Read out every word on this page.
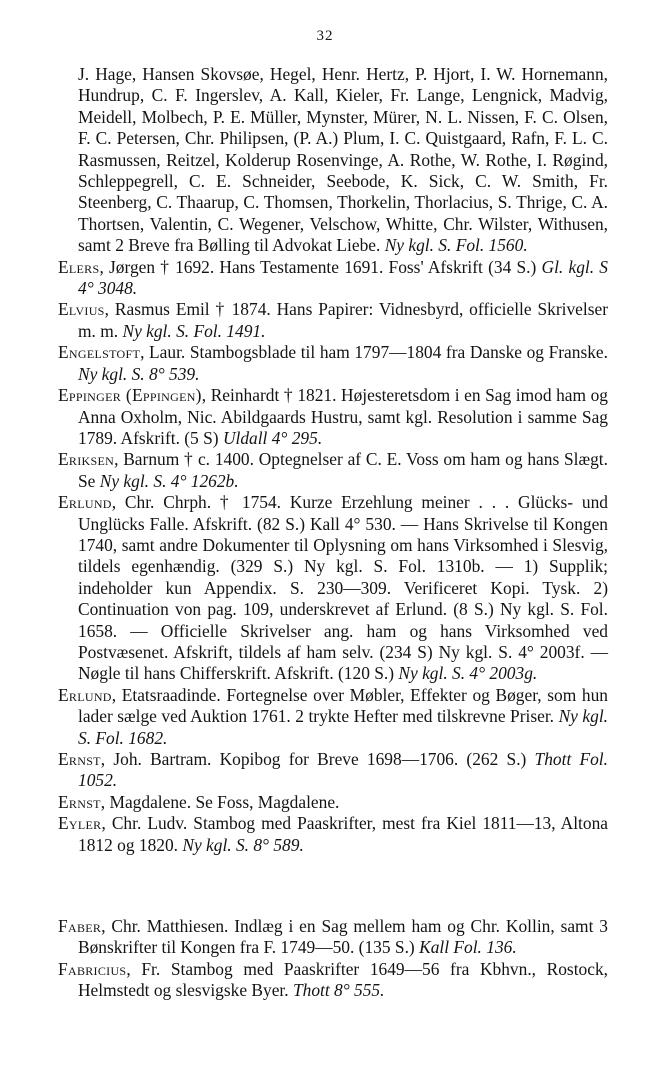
32

J. Hage, Hansen Skovsøe, Hegel, Henr. Hertz, P. Hjort, I. W. Hornemann, Hundrup, C. F. Ingerslev, A. Kall, Kieler, Fr. Lange, Lengnick, Madvig, Meidell, Molbech, P. E. Müller, Mynster, Mürer, N. L. Nissen, F. C. Olsen, F. C. Petersen, Chr. Philipsen, (P. A.) Plum, I. C. Quistgaard, Rafn, F. L. C. Rasmussen, Reitzel, Kolderup Rosenvinge, A. Rothe, W. Rothe, I. Røgind, Schleppegrell, C. E. Schneider, Seebode, K. Sick, C. W. Smith, Fr. Steenberg, C. Thaarup, C. Thomsen, Thorkelin, Thorlacius, S. Thrige, C. A. Thortsen, Valentin, C. Wegener, Velschow, Whitte, Chr. Wilster, Withusen, samt 2 Breve fra Bølling til Advokat Liebe. Ny kgl. S. Fol. 1560.

Elers, Jørgen † 1692. Hans Testamente 1691. Foss' Afskrift (34 S.) Gl. kgl. S 4° 3048.

Elvius, Rasmus Emil † 1874. Hans Papirer: Vidnesbyrd, officielle Skrivelser m. m. Ny kgl. S. Fol. 1491.

Engelstoft, Laur. Stambogsblade til ham 1797—1804 fra Danske og Franske. Ny kgl. S. 8° 539.

Eppinger (Eppingen), Reinhardt † 1821. Højesteretsdom i en Sag imod ham og Anna Oxholm, Nic. Abildgaards Hustru, samt kgl. Resolution i samme Sag 1789. Afskrift. (5 S) Uldall 4° 295.

Eriksen, Barnum † c. 1400. Optegnelser af C. E. Voss om ham og hans Slægt. Se Ny kgl. S. 4° 1262b.

Erlund, Chr. Chrph. † 1754. Kurze Erzehlung meiner . . . Glücks- und Unglücks Falle. Afskrift. (82 S.) Kall 4° 530. — Hans Skrivelse til Kongen 1740, samt andre Dokumenter til Oplysning om hans Virksomhed i Slesvig, tildels egenhændig. (329 S.) Ny kgl. S. Fol. 1310b. — 1) Supplik; indeholder kun Appendix. S. 230—309. Verificeret Kopi. Tysk. 2) Continuation von pag. 109, underskrevet af Erlund. (8 S.) Ny kgl. S. Fol. 1658. — Officielle Skrivelser ang. ham og hans Virksomhed ved Postvæsenet. Afskrift, tildels af ham selv. (234 S) Ny kgl. S. 4° 2003f. — Nøgle til hans Chifferskrift. Afskrift. (120 S.) Ny kgl. S. 4° 2003g.

Erlund, Etatsraadinde. Fortegnelse over Møbler, Effekter og Bøger, som hun lader sælge ved Auktion 1761. 2 trykte Hefter med tilskrevne Priser. Ny kgl. S. Fol. 1682.

Ernst, Joh. Bartram. Kopibog for Breve 1698—1706. (262 S.) Thott Fol. 1052.

Ernst, Magdalene. Se Foss, Magdalene.

Eyler, Chr. Ludv. Stambog med Paaskrifter, mest fra Kiel 1811—13, Altona 1812 og 1820. Ny kgl. S. 8° 589.

Faber, Chr. Matthiesen. Indlæg i en Sag mellem ham og Chr. Kollin, samt 3 Bønskrifter til Kongen fra F. 1749—50. (135 S.) Kall Fol. 136.

Fabricius, Fr. Stambog med Paaskrifter 1649—56 fra Kbhvn., Rostock, Helmstedt og slesvigske Byer. Thott 8° 555.
